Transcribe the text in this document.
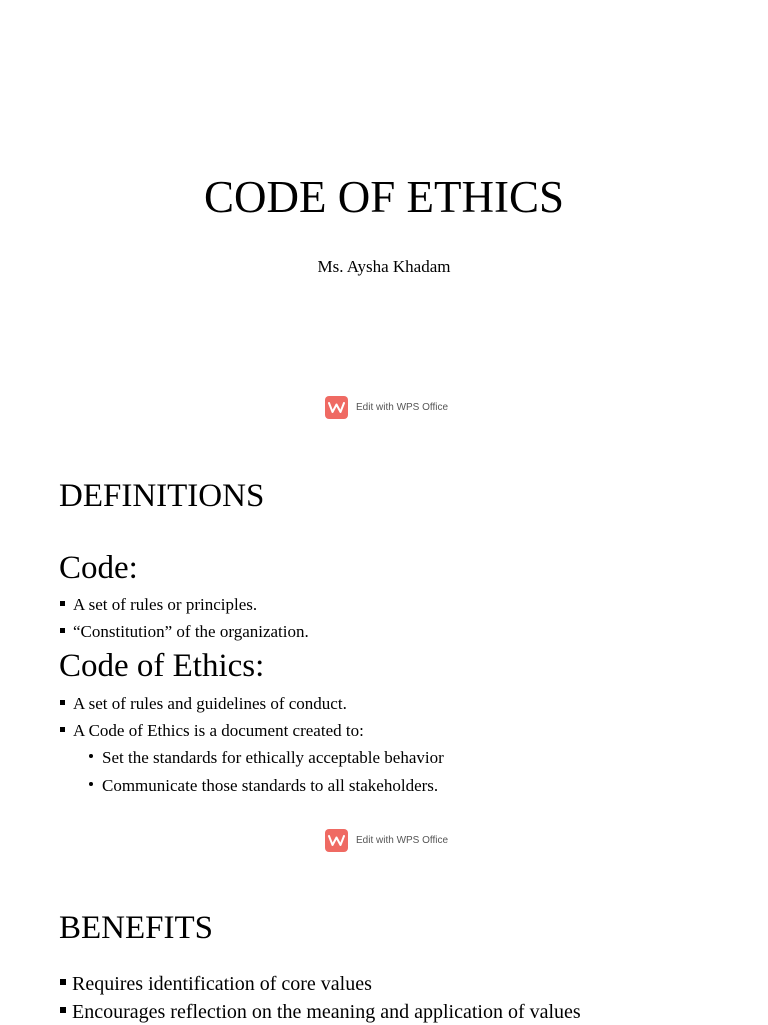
CODE OF ETHICS
Ms. Aysha Khadam
Edit with WPS Office
DEFINITIONS
Code:
A set of rules or principles.
“Constitution” of the organization.
Code of Ethics:
A set of rules and guidelines of conduct.
A Code of Ethics is a document created to:
Set the standards for ethically acceptable behavior
Communicate those standards to all stakeholders.
Edit with WPS Office
BENEFITS
Requires identification of core values
Encourages reflection on the meaning and application of values
